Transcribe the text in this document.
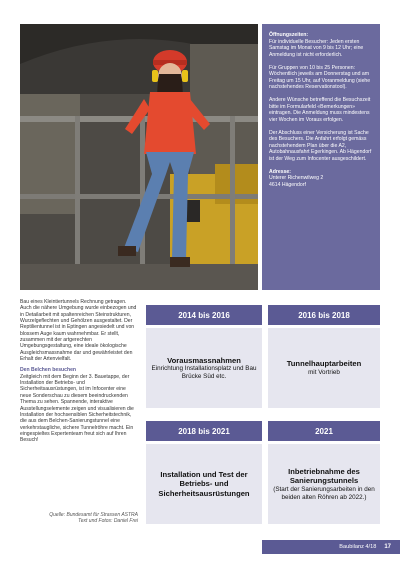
Öffnungszeiten:
Für individuelle Besucher: Jeden ersten Samstag im Monat von 9 bis 12 Uhr; eine Anmeldung ist nicht erforderlich.

Für Gruppen von 10 bis 25 Personen: Wöchentlich jeweils am Donnerstag und am Freitag um 15 Uhr, auf Voranmeldung (siehe nachstehendes Reservationstool).

Andere Wünsche betreffend die Besuchszeit bitte im Formularfeld «Bemerkungen» eintragen. Die Anmeldung muss mindestens vier Wochen im Voraus erfolgen.

Der Abschluss einer Versicherung ist Sache des Besuchers. Die Anfahrt erfolgt gemäss nachstehendem Plan über die A2, Autobahnausfahrt Egerkingen. Ab Hägendorf ist der Weg zum Infocenter ausgeschildert.

Adresse:
Unterer Richenwilweg 2
4614 Hägendorf

Bau eines Kleintiertunnels Rechnung getragen. Auch die nähere Umgebung wurde einbezogen und in Detailarbeit mit spaltenreichen Steinstrukturen, Wurzelgeflechten und Gehölzen ausgestaltet. Der Reptilientunnel ist in Eptingen angesiedelt und von blossem Auge kaum wahrnehmbar. Er stellt, zusammen mit der artgerechten Umgebungsgestaltung, eine ideale ökologische Ausgleichsmassnahme dar und gewährleistet den Erhalt der Artenvielfalt.

Den Belchen besuchen
Zeitgleich mit dem Beginn der 3. Bauetappe, der Installation der Betriebs- und Sicherheitsausrüstungen, ist im Infocenter eine neue Sonderschau zu diesem beeindruckenden Thema zu sehen. Spannende, interaktive Ausstellungselemente zeigen und visualisieren die Installation der hochsensiblen Sicherheitstechnik, die aus dem Belchen-Sanierungstunnel eine verkehrstaugliche, sichere Tunnelröhre macht. Ein eingespieltes Expertenteam freut sich auf Ihren Besuch!

Quelle: Bundesamt für Strassen ASTRA
Text und Fotos: Daniel Frei
2014 bis 2016	2016 bis 2018
Vorausmassnahmen
Einrichtung Installationsplatz und Bau Brücke Süd etc.
Tunnelhauptarbeiten
mit Vortrieb
2018 bis 2021	2021
Installation und Test der Betriebs- und Sicherheitsausrüstungen
Inbetriebnahme des Sanierungstunnels
(Start der Sanierungsarbeiten in den beiden alten Röhren ab 2022.)
Baubilanz 4/18 17
